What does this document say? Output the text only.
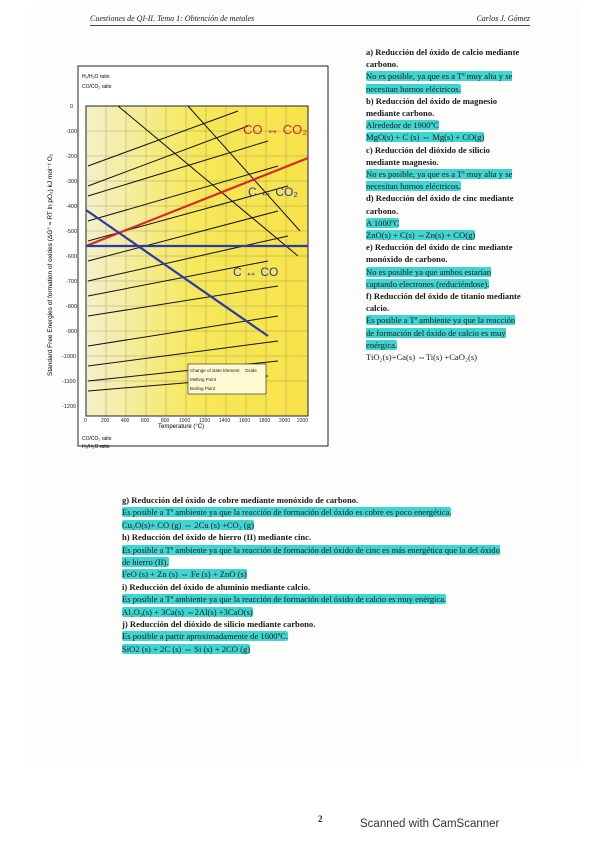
Cuestiones de QI-II. Tema 1: Obtención de metales	Carlos J. Gómez
CO ↔ CO₂
C ↔ CO₂
C ↔ CO
Standard Free Energies of formation of oxides (ΔG° = RT ln pO₂) kJ mol⁻¹ O₂
Temperature (°C)
0
-100
-200
-300
-400
-500
-600
-700
-800
-900
-1000
-1100
-1200
0	200 400 600 800 1000 1200 1400 1600 1800 2000 2200
H₂/H₂O ratio
CO/CO₂ ratio
CO/CO₂ ratio
H₂/H₂O ratio
Change of state Element Oxide
Melting Point
Boiling Point

a) Reducción del óxido de calcio mediante carbono.

No es posible, ya que es a Tª muy alta y se necesitan hornos eléctricos.

b) Reducción del óxido de magnesio mediante carbono.

Alrededor de 1900ºC

MgO(s) + C (s) ⇔ Mg(s) + CO(g)

c) Reducción del dióxido de silicio mediante magnesio.

No es posible, ya que es a Tª muy alta y se necesitan hornos eléctricos.

d) Reducción del óxido de cinc mediante carbono.

A 1000ºC

ZnO(s) + C(s) ⇔Zn(s) + CO(g)

e) Reducción del óxido de cinc mediante monóxido de carbono.

No es posible ya que ambos estarían captando electrones (reduciéndose).

f) Reducción del óxido de titanio mediante calcio.

Es posible a Tª ambiente ya que la reacción de formación del óxido de calcio es muy enérgica.

TiO₂(s)+Ca(s) ⇔Ti(s) +CaO₂(s)

g) Reducción del óxido de cobre mediante monóxido de carbono.

Es posible a Tª ambiente ya que la reacción de formación del óxido es cobre es poco energética.

Cu₂O(s)+ CO (g) ⇔ 2Cu (s) +CO₂ (g)

h) Reducción del óxido de hierro (II) mediante cinc.

Es posible a Tª ambiente ya que la reacción de formación del óxido de cinc es más energética que la del óxido de hierro (II).

FeO (s) + Zn (s) ⇔ Fe (s) + ZnO (s)

i) Reducción del óxido de aluminio mediante calcio.

Es posible a Tª ambiente ya que la reacción de formación del óxido de calcio es muy enérgica.

Al₂O₃(s) + 3Ca(s) ⇔2Al(s) +3CaO(s)

j) Reducción del dióxido de silicio mediante carbono.

Es posible a partir aproximadamente de 1600ºC.

SiO2 (s) + 2C (s) ⇔ Si (s) + 2CO (g)

2	Scanned with CamScanner
